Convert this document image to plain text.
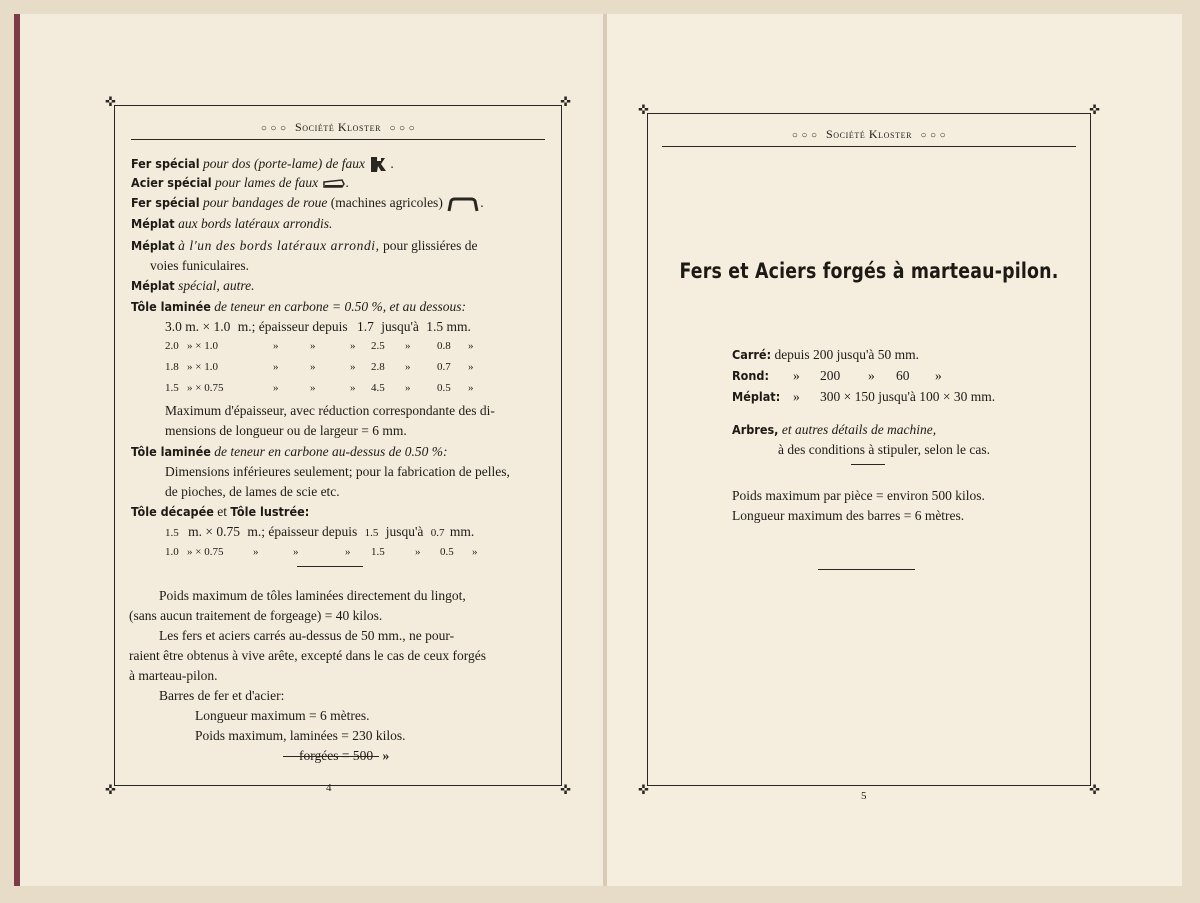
✜	✜
✜	✜
○ ○ ○ Société Kloster ○ ○ ○
Fer spécial pour dos (porte-lame) de faux .
Acier spécial pour lames de faux .
Fer spécial pour bandages de roue (machines agricoles)	.
Méplat aux bords latéraux arrondis.
Méplat à l'un des bords latéraux arrondi, pour glissiéres de
voies funiculaires.
Méplat spécial, autre.
Tôle laminée de teneur en carbone = 0.50 %, et au dessous:
3.0 m. × 1.0 m.; épaisseur depuis 1.7 jusqu'à 1.5 mm.
2.0 » × 1.0	»	»	» 2.5 » 0.8 »
1.8 » × 1.0	»	»	» 2.8 » 0.7 »
1.5 » × 0.75	»	»	» 4.5 » 0.5 »
Maximum d'épaisseur, avec réduction correspondante des di-
mensions de longueur ou de largeur = 6 mm.
Tôle laminée de teneur en carbone au-dessus de 0.50 %:
Dimensions inférieures seulement; pour la fabrication de pelles,
de pioches, de lames de scie etc.
Tôle décapée et Tôle lustrée:
1.5 m. × 0.75 m.; épaisseur depuis 1.5 jusqu'à 0.7 mm.
1.0 » × 0.75	»	»	» 1.5	» 0.5 »
Poids maximum de tôles laminées directement du lingot,
(sans aucun traitement de forgeage) = 40 kilos.
Les fers et aciers carrés au-dessus de 50 mm., ne pour-
raient être obtenus à vive arête, excepté dans le cas de ceux forgés
à marteau-pilon.
Barres de fer et d'acier:
Longueur maximum = 6 mètres.
Poids maximum, laminées = 230 kilos.
forgées = 500 »
4
✜	✜
✜	✜
○ ○ ○ Société Kloster ○ ○ ○
Fers et Aciers forgés à marteau-pilon.
Carré: depuis 200 jusqu'à 50 mm.
Rond: » 200 » 60 »
Méplat: » 300 × 150 jusqu'à 100 × 30 mm.
Arbres, et autres détails de machine,
à des conditions à stipuler, selon le cas.
Poids maximum par pièce = environ 500 kilos.
Longueur maximum des barres = 6 mètres.
5
